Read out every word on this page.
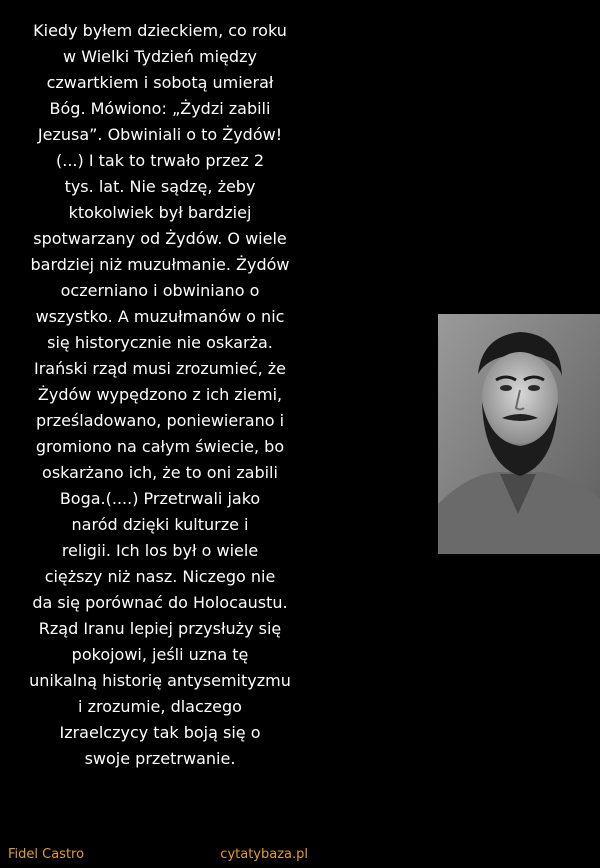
Kiedy byłem dzieckiem, co roku
w Wielki Tydzień między
czwartkiem i sobotą umierał
Bóg. Mówiono: „Żydzi zabili
Jezusa”. Obwiniali o to Żydów!
(...) I tak to trwało przez 2
tys. lat. Nie sądzę, żeby
ktokolwiek był bardziej
spotwarzany od Żydów. O wiele
bardziej niż muzułmanie. Żydów
oczerniano i obwiniano o
wszystko. A muzułmanów o nic
się historycznie nie oskarża.
Irański rząd musi zrozumieć, że
Żydów wypędzono z ich ziemi,
prześladowano, poniewierano i
gromiono na całym świecie, bo
oskarżano ich, że to oni zabili
Boga.(....) Przetrwali jako
naród dzięki kulturze i
religii. Ich los był o wiele
cięższy niż nasz. Niczego nie
da się porównać do Holocaustu.
Rząd Iranu lepiej przysłuży się
pokojowi, jeśli uzna tę
unikalną historię antysemityzmu
i zrozumie, dlaczego
Izraelczycy tak boją się o
swoje przetrwanie.
Fidel Castro	cytatybaza.pl
